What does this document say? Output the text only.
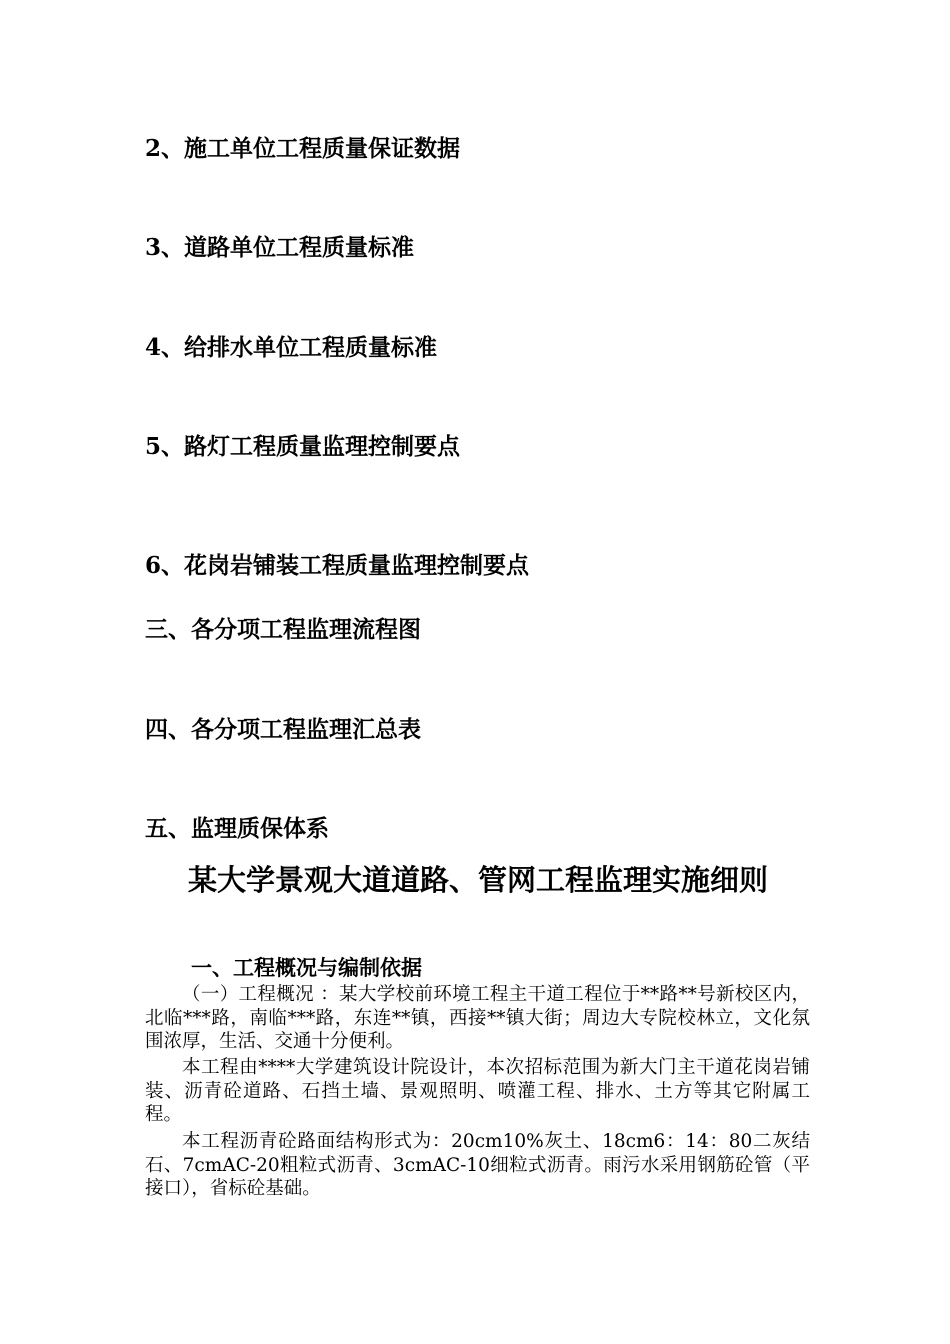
2、施工单位工程质量保证数据
3、道路单位工程质量标准
4、给排水单位工程质量标准
5、路灯工程质量监理控制要点
6、花岗岩铺装工程质量监理控制要点
三、各分项工程监理流程图
四、各分项工程监理汇总表
五、监理质保体系
某大学景观大道道路、管网工程监理实施细则
一、工程概况与编制依据

（一）工程概况 ：某大学校前环境工程主干道工程位于**路**号新校区内，北临***路，南临***路，东连**镇，西接**镇大街；周边大专院校林立，文化氛围浓厚，生活、交通十分便利。

本工程由****大学建筑设计院设计，本次招标范围为新大门主干道花岗岩铺装、沥青砼道路、石挡土墙、景观照明、喷灌工程、排水、土方等其它附属工程。

本工程沥青砼路面结构形式为：20cm10%灰土、18cm6：14：80二灰结石、7cmAC-20粗粒式沥青、3cmAC-10细粒式沥青。雨污水采用钢筋砼管（平接口），省标砼基础。
